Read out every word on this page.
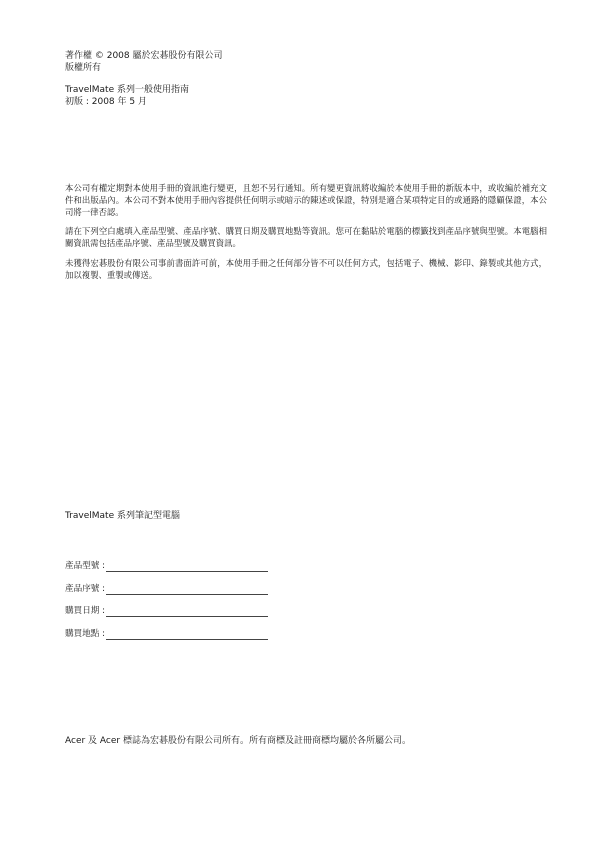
著作權 © 2008 屬於宏碁股份有限公司

版權所有

TravelMate 系列一般使用指南

初版 : 2008 年 5 月

本公司有權定期對本使用手冊的資訊進行變更，且恕不另行通知。所有變更資訊將收編於本使用手冊的新版本中，或收編於補充文件和出版品內。本公司不對本使用手冊內容提供任何明示或暗示的陳述或保證，特別是適合某項特定目的或通路的隱顧保證，本公司將一律否認。

請在下列空白處填入產品型號、產品序號、購買日期及購買地點等資訊。您可在黏貼於電腦的標籤找到產品序號與型號。本電腦相關資訊需包括產品序號、產品型號及購買資訊。

未獲得宏碁股份有限公司事前書面許可前，本使用手冊之任何部分皆不可以任何方式，包括電子、機械、影印、錄製或其他方式，加以複製、重製或傳送。

TravelMate 系列筆記型電腦
產品型號 :
產品序號 :
購買日期 :
購買地點 :
Acer 及 Acer 標誌為宏碁股份有限公司所有。所有商標及註冊商標均屬於各所屬公司。
